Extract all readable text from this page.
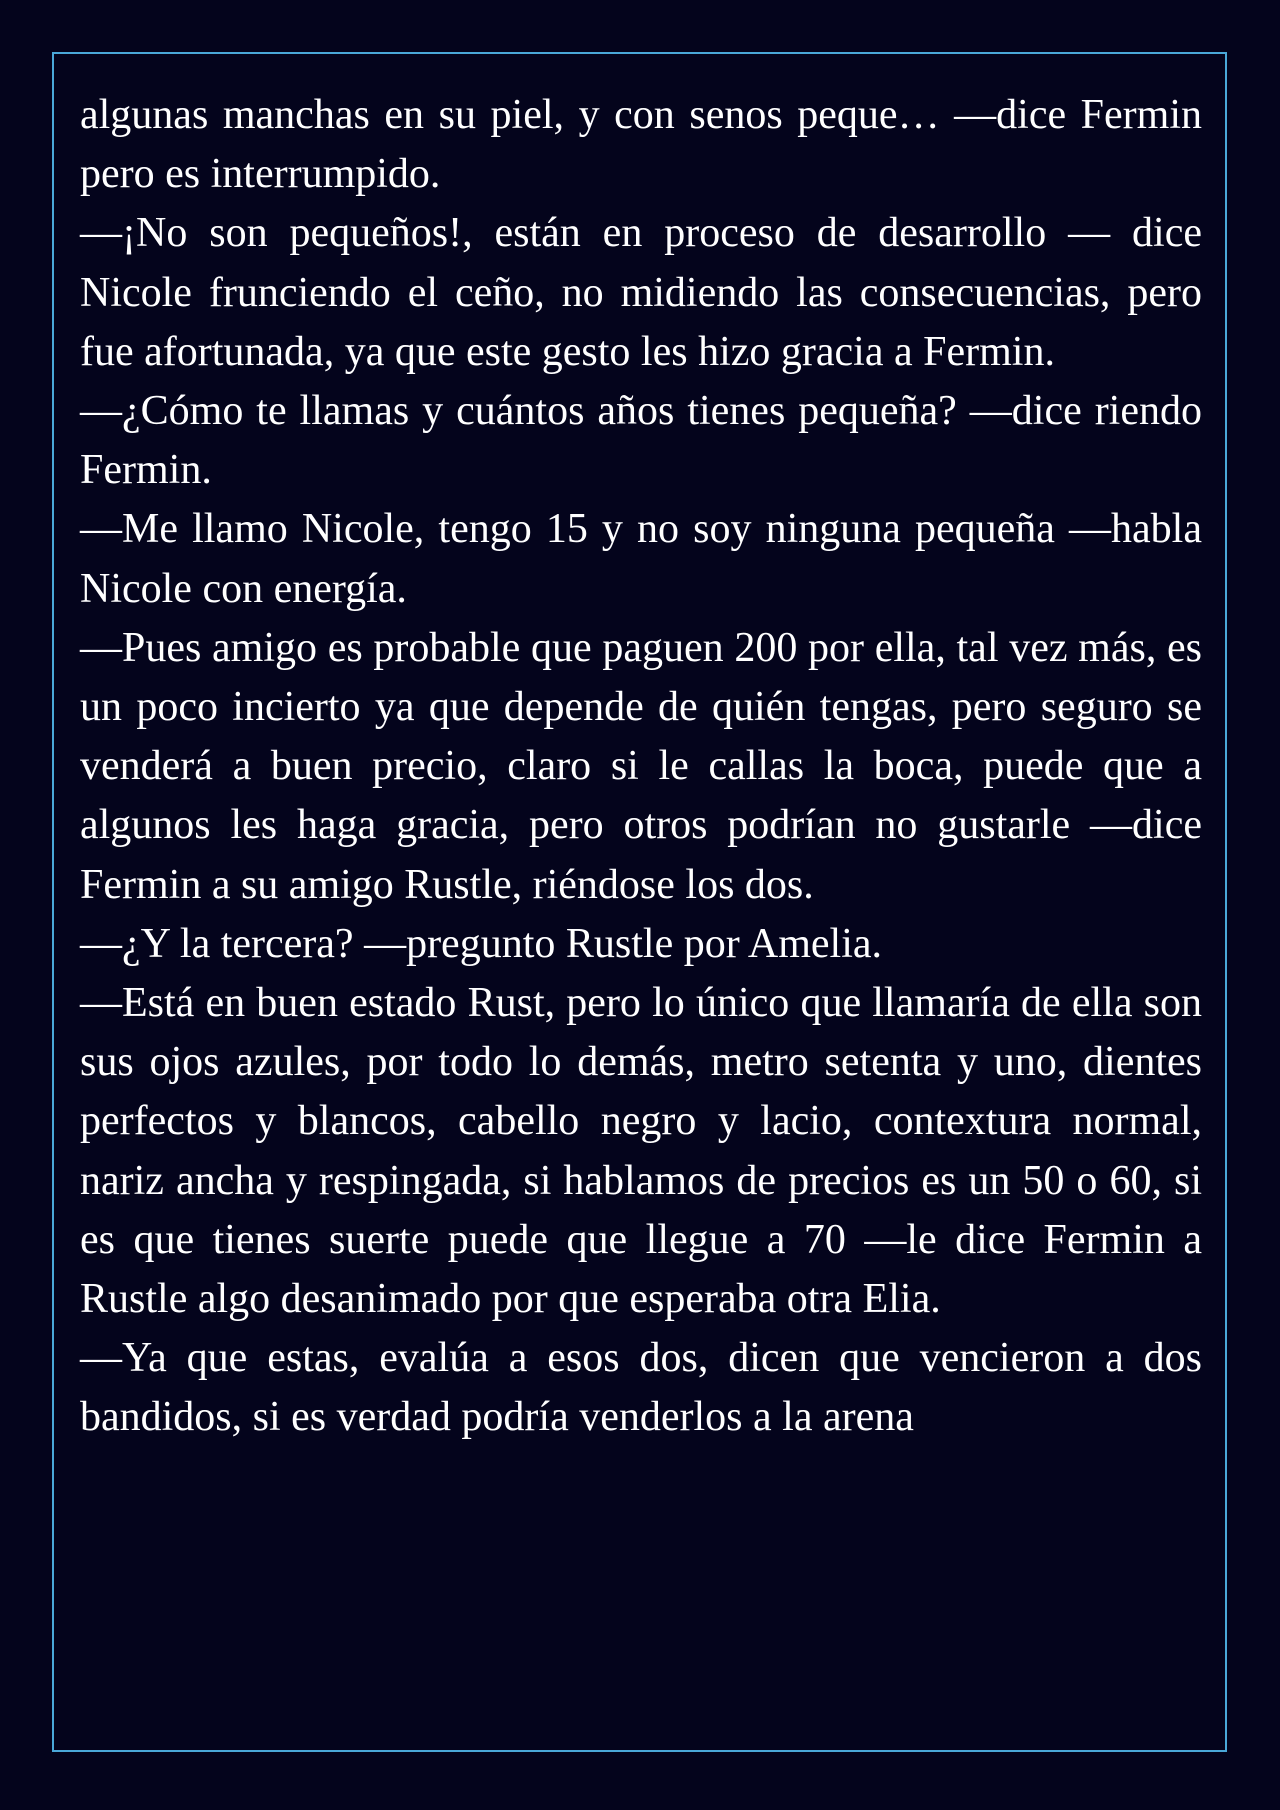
algunas manchas en su piel, y con senos peque… —dice Fermin pero es interrumpido.

—¡No son pequeños!, están en proceso de desarrollo — dice Nicole frunciendo el ceño, no midiendo las consecuencias, pero fue afortunada, ya que este gesto les hizo gracia a Fermin.

—¿Cómo te llamas y cuántos años tienes pequeña? —dice riendo Fermin.

—Me llamo Nicole, tengo 15 y no soy ninguna pequeña —habla Nicole con energía.

—Pues amigo es probable que paguen 200 por ella, tal vez más, es un poco incierto ya que depende de quién tengas, pero seguro se venderá a buen precio, claro si le callas la boca, puede que a algunos les haga gracia, pero otros podrían no gustarle —dice Fermin a su amigo Rustle, riéndose los dos.

—¿Y la tercera? —pregunto Rustle por Amelia.

—Está en buen estado Rust, pero lo único que llamaría de ella son sus ojos azules, por todo lo demás, metro setenta y uno, dientes perfectos y blancos, cabello negro y lacio, contextura normal, nariz ancha y respingada, si hablamos de precios es un 50 o 60, si es que tienes suerte puede que llegue a 70 —le dice Fermin a Rustle algo desanimado por que esperaba otra Elia.

—Ya que estas, evalúa a esos dos, dicen que vencieron a dos bandidos, si es verdad podría venderlos a la arena
